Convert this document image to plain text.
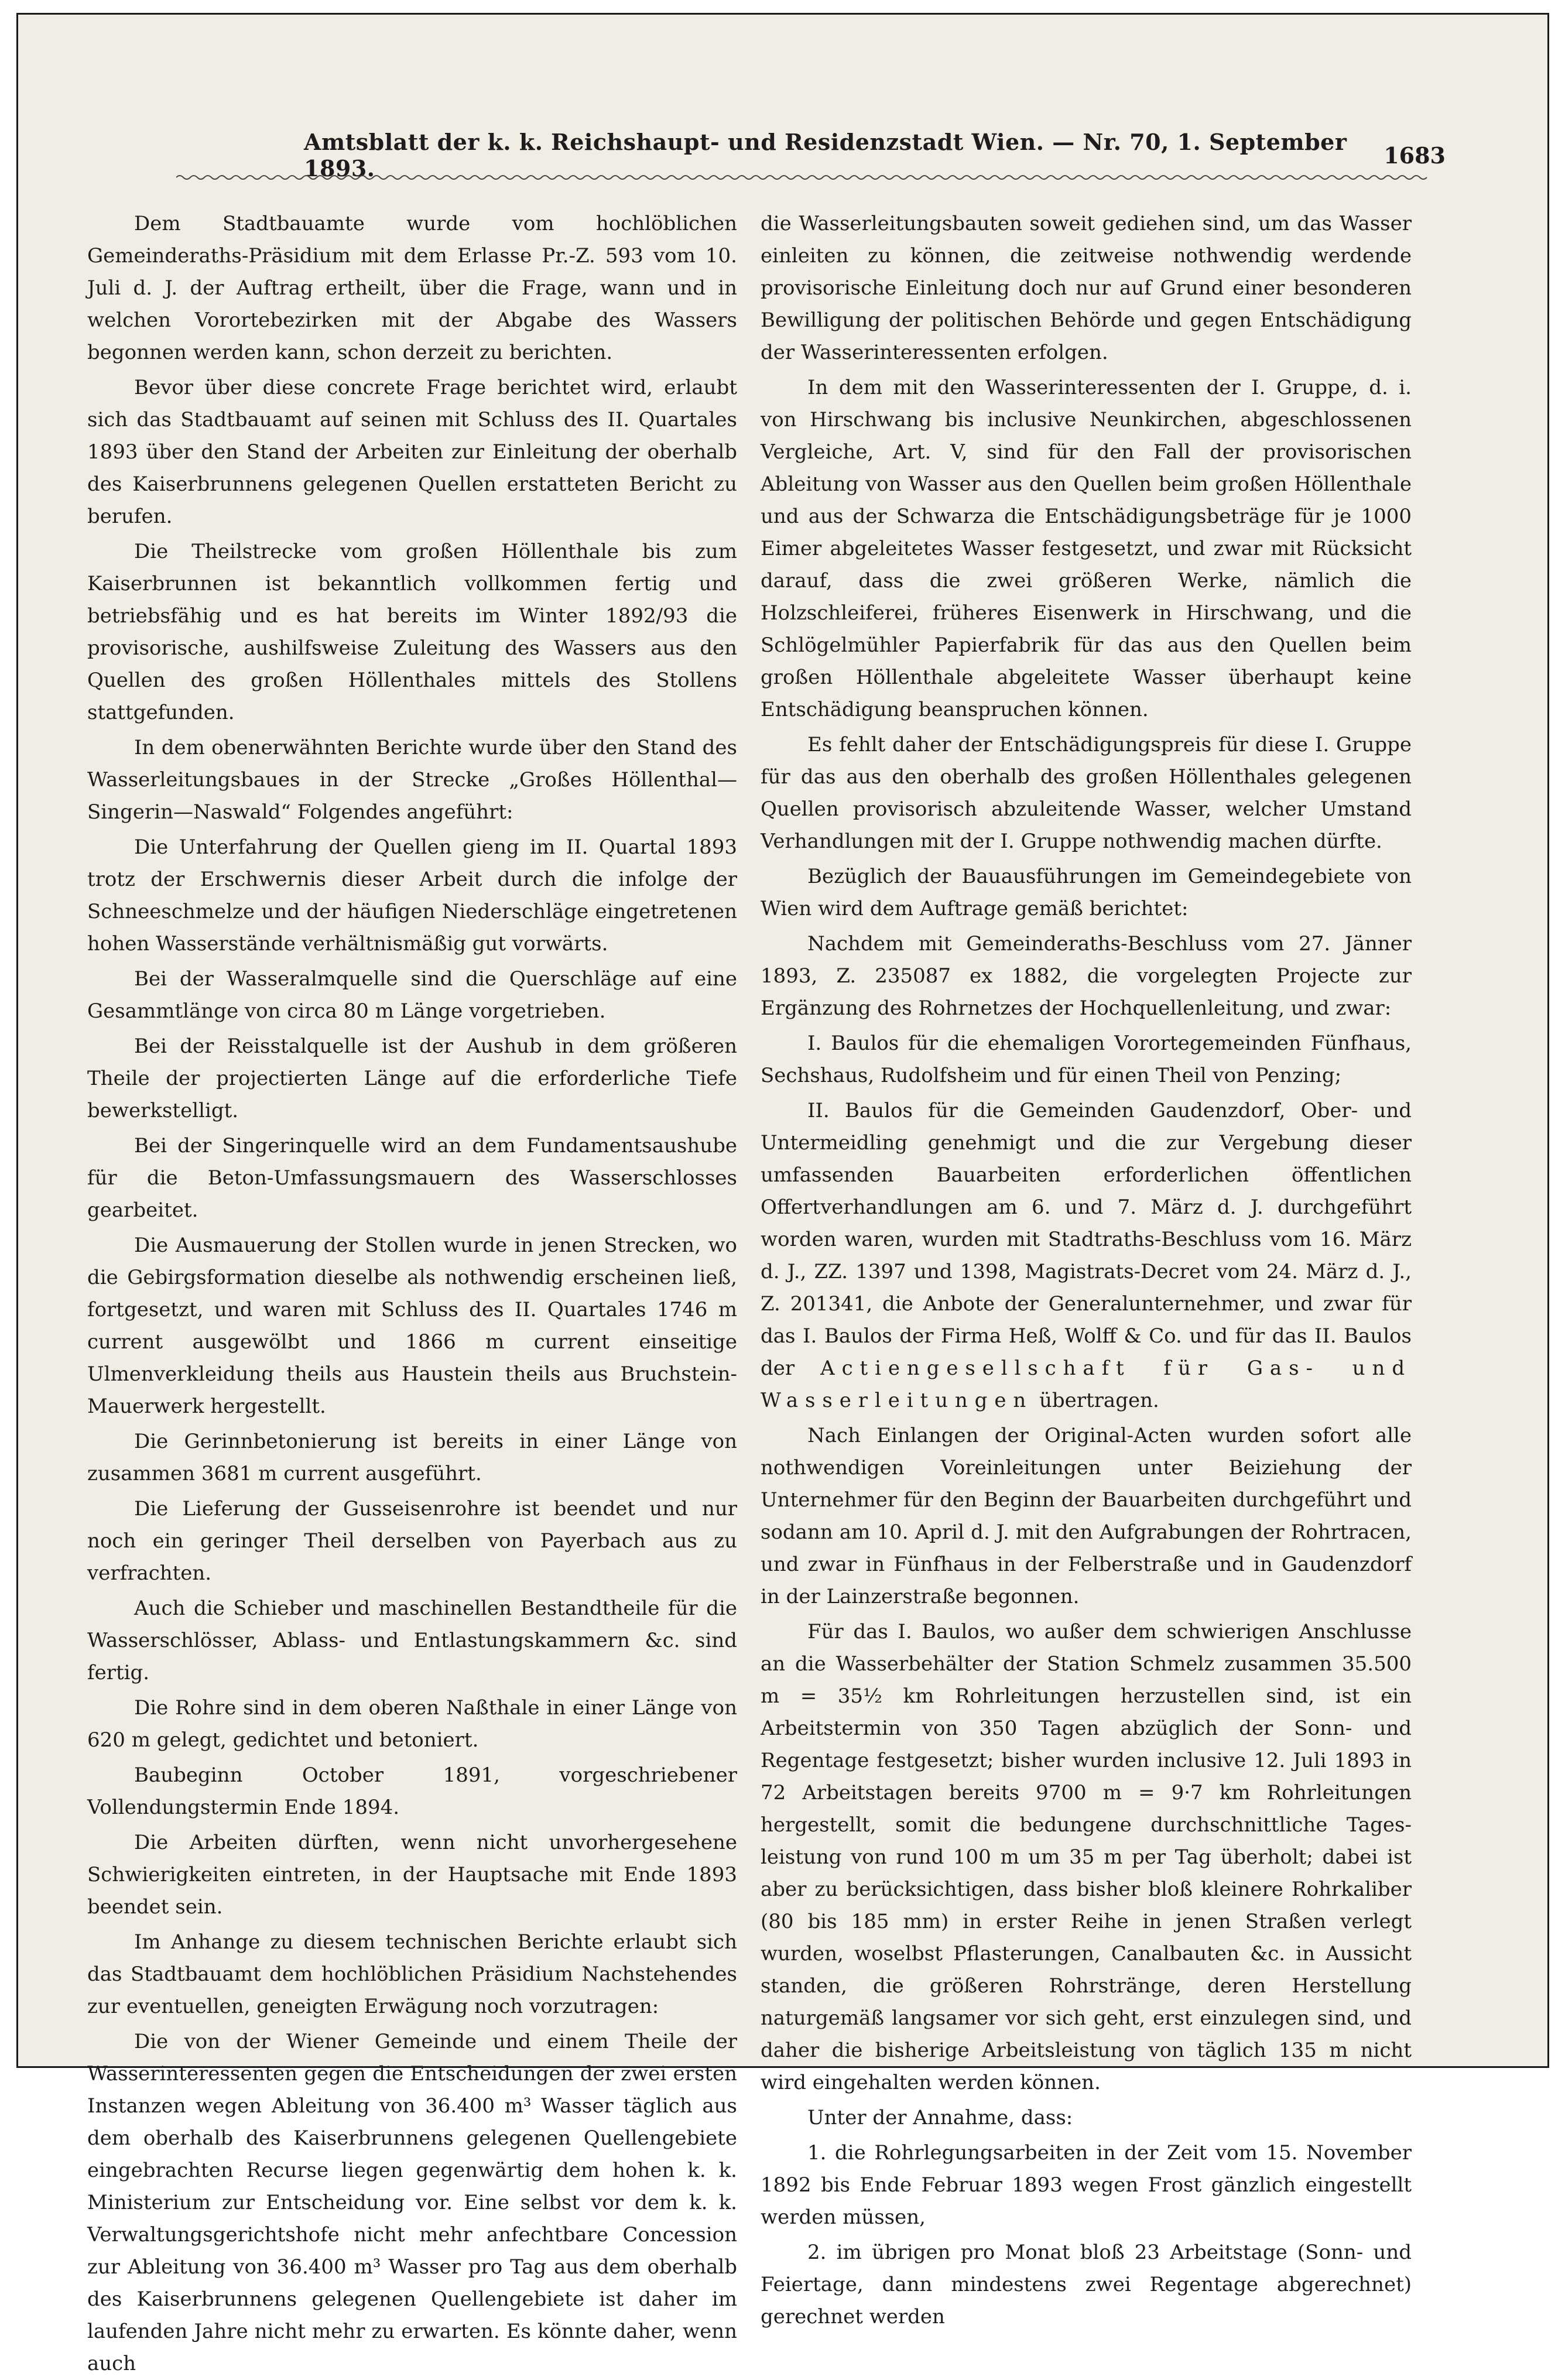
Amtsblatt der k. k. Reichshaupt- und Residenzstadt Wien. — Nr. 70, 1. September 1893.	1683

Dem Stadtbauamte wurde vom hochlöblichen Gemeinderaths-Präsidium mit dem Erlasse Pr.-Z. 593 vom 10. Juli d. J. der Auftrag ertheilt, über die Frage, wann und in welchen Vorortebezirken mit der Abgabe des Wassers begonnen werden kann, schon derzeit zu berichten.

Bevor über diese concrete Frage berichtet wird, erlaubt sich das Stadtbauamt auf seinen mit Schluss des II. Quartales 1893 über den Stand der Arbeiten zur Einleitung der oberhalb des Kaiserbrunnens gelegenen Quellen erstatteten Bericht zu berufen.

Die Theilstrecke vom großen Höllenthale bis zum Kaiserbrunnen ist bekanntlich vollkommen fertig und betriebsfähig und es hat bereits im Winter 1892/93 die provisorische, aushilfsweise Zuleitung des Wassers aus den Quellen des großen Höllenthales mittels des Stollens stattgefunden.

In dem obenerwähnten Berichte wurde über den Stand des Wasserleitungsbaues in der Strecke „Großes Höllenthal—Singerin—Naswald“ Folgendes angeführt:

Die Unterfahrung der Quellen gieng im II. Quartal 1893 trotz der Erschwernis dieser Arbeit durch die infolge der Schneeschmelze und der häufigen Niederschläge eingetretenen hohen Wasserstände verhältnismäßig gut vorwärts.

Bei der Wasseralmquelle sind die Querschläge auf eine Gesammtlänge von circa 80 m Länge vorgetrieben.

Bei der Reisstalquelle ist der Aushub in dem größeren Theile der projectierten Länge auf die erforderliche Tiefe bewerkstelligt.

Bei der Singerinquelle wird an dem Fundamentsaushube für die Beton-Umfassungsmauern des Wasserschlosses gearbeitet.

Die Ausmauerung der Stollen wurde in jenen Strecken, wo die Gebirgsformation dieselbe als nothwendig erscheinen ließ, fortgesetzt, und waren mit Schluss des II. Quartales 1746 m current ausgewölbt und 1866 m current einseitige Ulmenverkleidung theils aus Haustein theils aus Bruchstein-Mauerwerk hergestellt.

Die Gerinnbetonierung ist bereits in einer Länge von zusammen 3681 m current ausgeführt.

Die Lieferung der Gusseisenrohre ist beendet und nur noch ein geringer Theil derselben von Payerbach aus zu verfrachten.

Auch die Schieber und maschinellen Bestandtheile für die Wasserschlösser, Ablass- und Entlastungskammern &c. sind fertig.

Die Rohre sind in dem oberen Naßthale in einer Länge von 620 m gelegt, gedichtet und betoniert.

Baubeginn October 1891, vorgeschriebener Vollendungstermin Ende 1894.

Die Arbeiten dürften, wenn nicht unvorhergesehene Schwierigkeiten eintreten, in der Hauptsache mit Ende 1893 beendet sein.

Im Anhange zu diesem technischen Berichte erlaubt sich das Stadtbauamt dem hochlöblichen Präsidium Nachstehendes zur eventuellen, geneigten Erwägung noch vorzutragen:

Die von der Wiener Gemeinde und einem Theile der Wasserinteressenten gegen die Entscheidungen der zwei ersten Instanzen wegen Ableitung von 36.400 m³ Wasser täglich aus dem oberhalb des Kaiserbrunnens gelegenen Quellengebiete eingebrachten Recurse liegen gegenwärtig dem hohen k. k. Ministerium zur Entscheidung vor. Eine selbst vor dem k. k. Verwaltungsgerichtshofe nicht mehr anfechtbare Concession zur Ableitung von 36.400 m³ Wasser pro Tag aus dem oberhalb des Kaiserbrunnens gelegenen Quellengebiete ist daher im laufenden Jahre nicht mehr zu erwarten. Es könnte daher, wenn auch

die Wasserleitungsbauten soweit gediehen sind, um das Wasser einleiten zu können, die zeitweise nothwendig werdende provisorische Einleitung doch nur auf Grund einer besonderen Bewilligung der politischen Behörde und gegen Entschädigung der Wasserinteressenten erfolgen.

In dem mit den Wasserinteressenten der I. Gruppe, d. i. von Hirschwang bis inclusive Neunkirchen, abgeschlossenen Vergleiche, Art. V, sind für den Fall der provisorischen Ableitung von Wasser aus den Quellen beim großen Höllenthale und aus der Schwarza die Entschädigungsbeträge für je 1000 Eimer abgeleitetes Wasser festgesetzt, und zwar mit Rücksicht darauf, dass die zwei größeren Werke, nämlich die Holzschleiferei, früheres Eisenwerk in Hirschwang, und die Schlögelmühler Papierfabrik für das aus den Quellen beim großen Höllenthale abgeleitete Wasser überhaupt keine Entschädigung beanspruchen können.

Es fehlt daher der Entschädigungspreis für diese I. Gruppe für das aus den oberhalb des großen Höllenthales gelegenen Quellen provisorisch abzuleitende Wasser, welcher Umstand Verhandlungen mit der I. Gruppe nothwendig machen dürfte.

Bezüglich der Bauausführungen im Gemeindegebiete von Wien wird dem Auftrage gemäß berichtet:

Nachdem mit Gemeinderaths-Beschluss vom 27. Jänner 1893, Z. 235087 ex 1882, die vorgelegten Projecte zur Ergänzung des Rohrnetzes der Hochquellenleitung, und zwar:

I. Baulos für die ehemaligen Vorortegemeinden Fünfhaus, Sechshaus, Rudolfsheim und für einen Theil von Penzing;

II. Baulos für die Gemeinden Gaudenzdorf, Ober- und Untermeidling genehmigt und die zur Vergebung dieser umfassenden Bauarbeiten erforderlichen öffentlichen Offertverhandlungen am 6. und 7. März d. J. durchgeführt worden waren, wurden mit Stadtraths-Beschluss vom 16. März d. J., ZZ. 1397 und 1398, Magistrats-Decret vom 24. März d. J., Z. 201341, die Anbote der Generalunternehmer, und zwar für das I. Baulos der Firma Heß, Wolff & Co. und für das II. Baulos der Actiengesellschaft für Gas- und Wasserleitungen übertragen.

Nach Einlangen der Original-Acten wurden sofort alle nothwendigen Voreinleitungen unter Beiziehung der Unternehmer für den Beginn der Bauarbeiten durchgeführt und sodann am 10. April d. J. mit den Aufgrabungen der Rohrtracen, und zwar in Fünfhaus in der Felberstraße und in Gaudenzdorf in der Lainzerstraße begonnen.

Für das I. Baulos, wo außer dem schwierigen Anschlusse an die Wasserbehälter der Station Schmelz zusammen 35.500 m = 35½ km Rohrleitungen herzustellen sind, ist ein Arbeitstermin von 350 Tagen abzüglich der Sonn- und Regentage festgesetzt; bisher wurden inclusive 12. Juli 1893 in 72 Arbeitstagen bereits 9700 m = 9·7 km Rohrleitungen hergestellt, somit die bedungene durchschnittliche Tagesleistung von rund 100 m um 35 m per Tag überholt; dabei ist aber zu berücksichtigen, dass bisher bloß kleinere Rohrkaliber (80 bis 185 mm) in erster Reihe in jenen Straßen verlegt wurden, woselbst Pflasterungen, Canalbauten &c. in Aussicht standen, die größeren Rohrstränge, deren Herstellung naturgemäß langsamer vor sich geht, erst einzulegen sind, und daher die bisherige Arbeitsleistung von täglich 135 m nicht wird eingehalten werden können.

Unter der Annahme, dass:

1. die Rohrlegungsarbeiten in der Zeit vom 15. November 1892 bis Ende Februar 1893 wegen Frost gänzlich eingestellt werden müssen,

2. im übrigen pro Monat bloß 23 Arbeitstage (Sonn- und Feiertage, dann mindestens zwei Regentage abgerechnet) gerechnet werden
